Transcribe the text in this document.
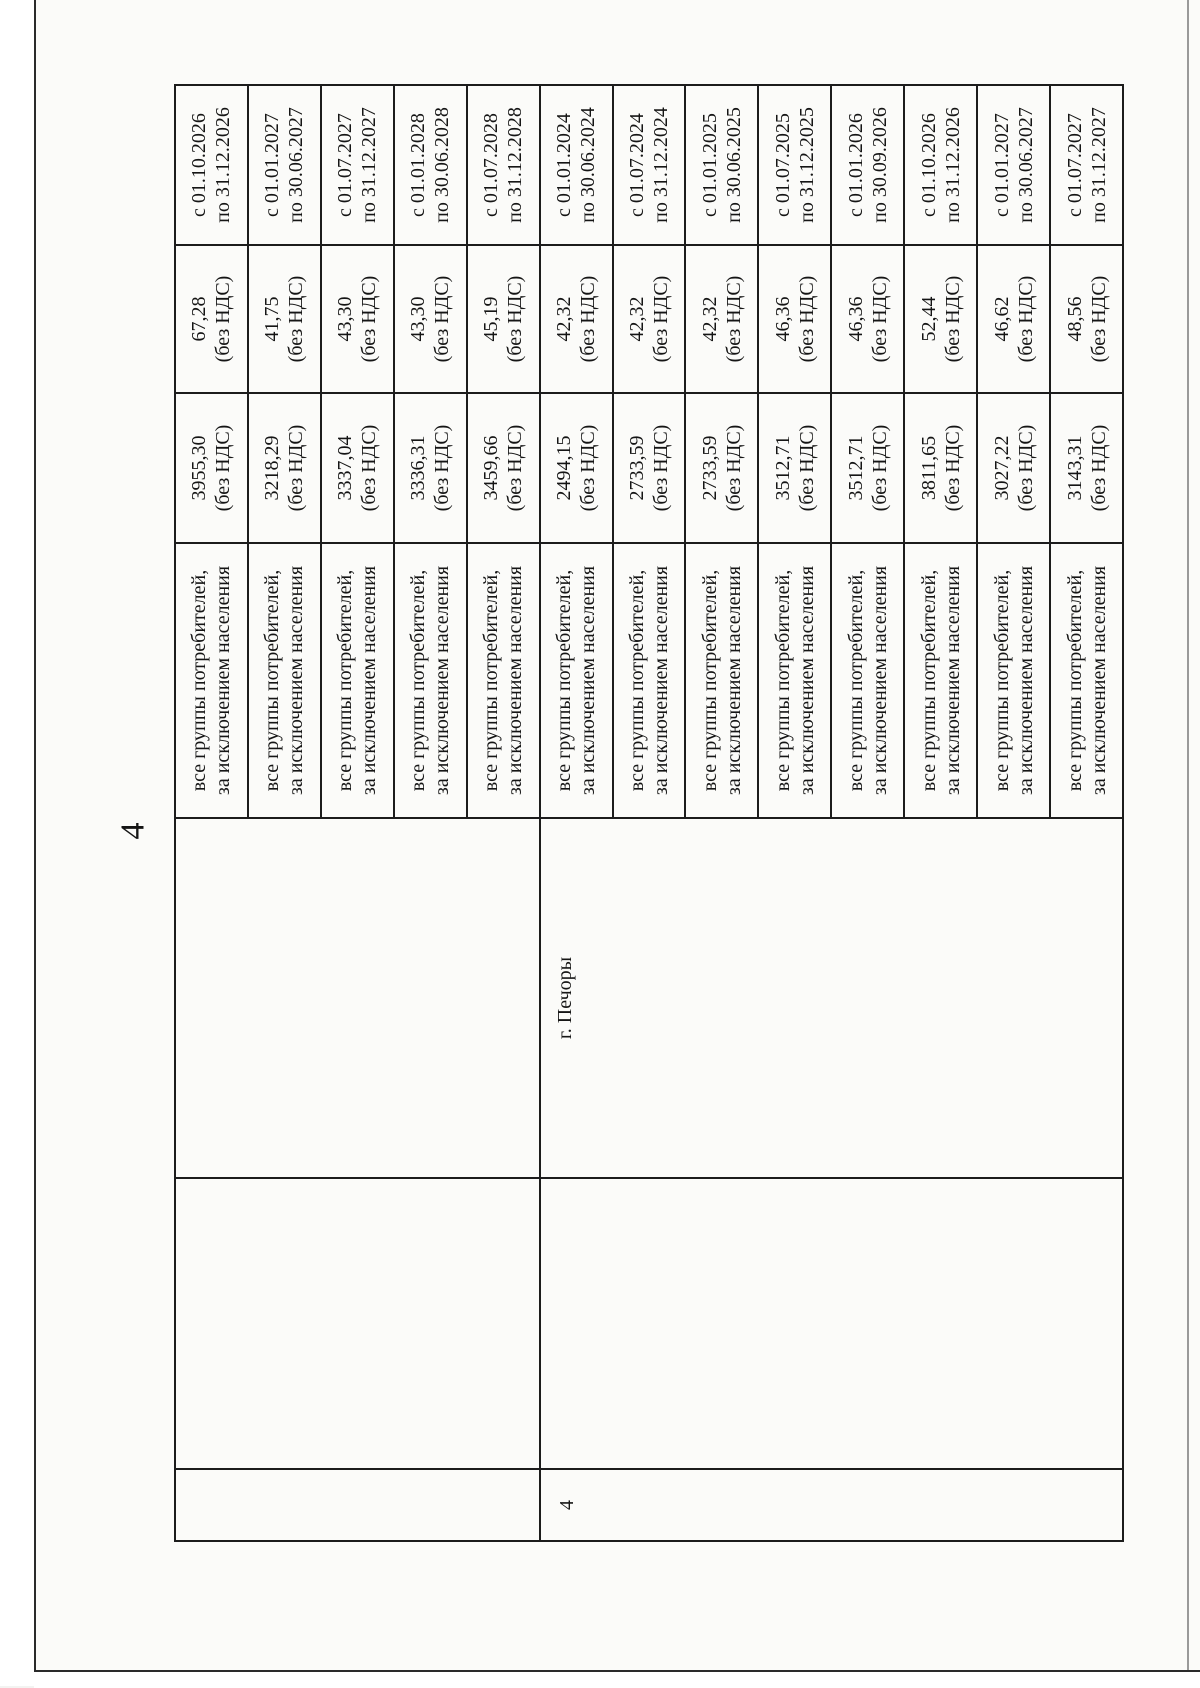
4

			все группы потребителей, за исключением населения	3955,30 (без НДС)	67,28 (без НДС)	с 01.10.2026 по 31.12.2026

			все группы потребителей, за исключением населения	3218,29 (без НДС)	41,75 (без НДС)	с 01.01.2027 по 30.06.2027

			все группы потребителей, за исключением населения	3337,04 (без НДС)	43,30 (без НДС)	с 01.07.2027 по 31.12.2027

			все группы потребителей, за исключением населения	3336,31 (без НДС)	43,30 (без НДС)	с 01.01.2028 по 30.06.2028

			все группы потребителей, за исключением населения	3459,66 (без НДС)	45,19 (без НДС)	с 01.07.2028 по 31.12.2028

4		г. Печоры	все группы потребителей, за исключением населения	2494,15 (без НДС)	42,32 (без НДС)	с 01.01.2024 по 30.06.2024

			все группы потребителей, за исключением населения	2733,59 (без НДС)	42,32 (без НДС)	с 01.07.2024 по 31.12.2024

			все группы потребителей, за исключением населения	2733,59 (без НДС)	42,32 (без НДС)	с 01.01.2025 по 30.06.2025

			все группы потребителей, за исключением населения	3512,71 (без НДС)	46,36 (без НДС)	с 01.07.2025 по 31.12.2025

			все группы потребителей, за исключением населения	3512,71 (без НДС)	46,36 (без НДС)	с 01.01.2026 по 30.09.2026

			все группы потребителей, за исключением населения	3811,65 (без НДС)	52,44 (без НДС)	с 01.10.2026 по 31.12.2026

			все группы потребителей, за исключением населения	3027,22 (без НДС)	46,62 (без НДС)	с 01.01.2027 по 30.06.2027

			все группы потребителей, за исключением населения	3143,31 (без НДС)	48,56 (без НДС)	с 01.07.2027 по 31.12.2027
